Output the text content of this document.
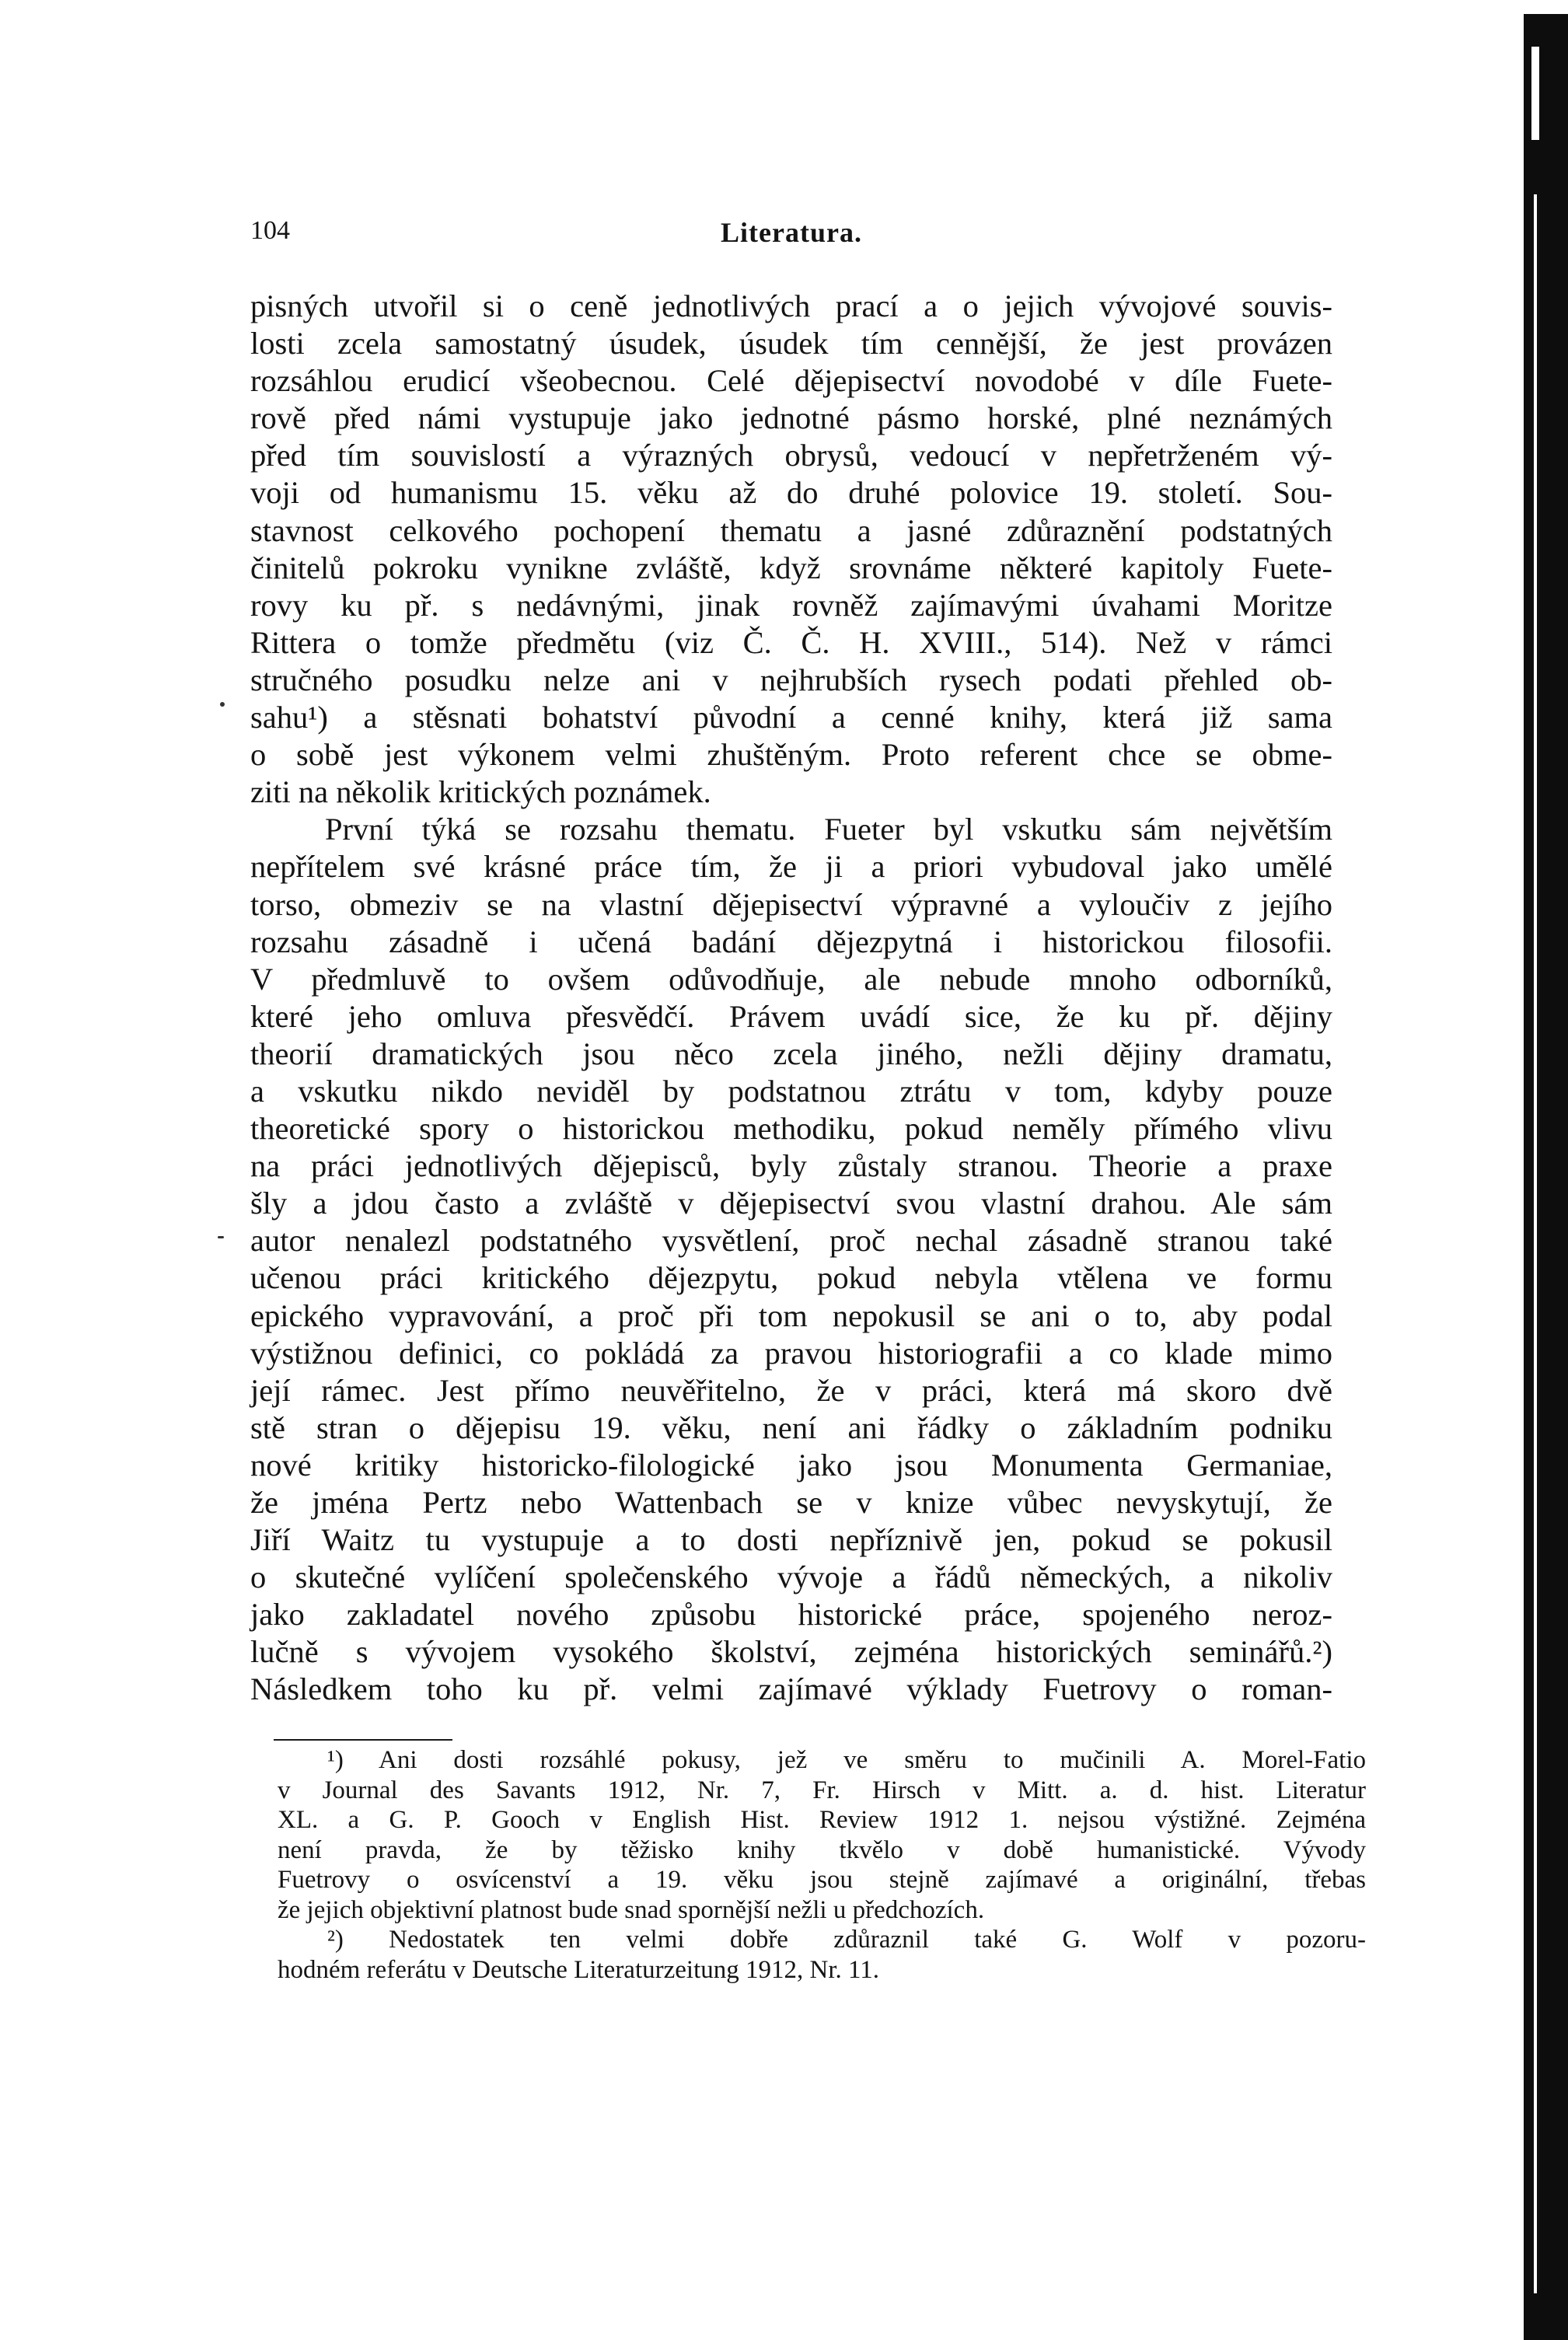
104	Literatura.
pisných utvořil si o ceně jednotlivých prací a o jejich vývojové souvis-
losti zcela samostatný úsudek, úsudek tím cennější, že jest provázen
rozsáhlou erudicí všeobecnou. Celé dějepisectví novodobé v díle Fuete-
rově před námi vystupuje jako jednotné pásmo horské, plné neznámých
před tím souvislostí a výrazných obrysů, vedoucí v nepřetrženém vý-
voji od humanismu 15. věku až do druhé polovice 19. století. Sou-
stavnost celkového pochopení thematu a jasné zdůraznění podstatných
činitelů pokroku vynikne zvláště, když srovnáme některé kapitoly Fuete-
rovy ku př. s nedávnými, jinak rovněž zajímavými úvahami Moritze
Rittera o tomže předmětu (viz Č. Č. H. XVIII., 514). Než v rámci
stručného posudku nelze ani v nejhrubších rysech podati přehled ob-
sahu¹) a stěsnati bohatství původní a cenné knihy, která již sama
o sobě jest výkonem velmi zhuštěným. Proto referent chce se obme-
ziti na několik kritických poznámek.
První týká se rozsahu thematu. Fueter byl vskutku sám největším
nepřítelem své krásné práce tím, že ji a priori vybudoval jako umělé
torso, obmeziv se na vlastní dějepisectví výpravné a vyloučiv z jejího
rozsahu zásadně i učená badání dějezpytná i historickou filosofii.
V předmluvě to ovšem odůvodňuje, ale nebude mnoho odborníků,
které jeho omluva přesvědčí. Právem uvádí sice, že ku př. dějiny
theorií dramatických jsou něco zcela jiného, nežli dějiny dramatu,
a vskutku nikdo neviděl by podstatnou ztrátu v tom, kdyby pouze
theoretické spory o historickou methodiku, pokud neměly přímého vlivu
na práci jednotlivých dějepisců, byly zůstaly stranou. Theorie a praxe
šly a jdou často a zvláště v dějepisectví svou vlastní drahou. Ale sám
autor nenalezl podstatného vysvětlení, proč nechal zásadně stranou také
učenou práci kritického dějezpytu, pokud nebyla vtělena ve formu
epického vypravování, a proč při tom nepokusil se ani o to, aby podal
výstižnou definici, co pokládá za pravou historiografii a co klade mimo
její rámec. Jest přímo neuvěřitelno, že v práci, která má skoro dvě
stě stran o dějepisu 19. věku, není ani řádky o základním podniku
nové kritiky historicko-filologické jako jsou Monumenta Germaniae,
že jména Pertz nebo Wattenbach se v knize vůbec nevyskytují, že
Jiří Waitz tu vystupuje a to dosti nepříznivě jen, pokud se pokusil
o skutečné vylíčení společenského vývoje a řádů německých, a nikoliv
jako zakladatel nového způsobu historické práce, spojeného neroz-
lučně s vývojem vysokého školství, zejména historických seminářů.²)
Následkem toho ku př. velmi zajímavé výklady Fuetrovy o roman-
¹) Ani dosti rozsáhlé pokusy, jež ve směru to mučinili A. Morel-Fatio
v Journal des Savants 1912, Nr. 7, Fr. Hirsch v Mitt. a. d. hist. Literatur
XL. a G. P. Gooch v English Hist. Review 1912 1. nejsou výstižné. Zejména
není pravda, že by těžisko knihy tkvělo v době humanistické. Vývody
Fuetrovy o osvícenství a 19. věku jsou stejně zajímavé a originální, třebas
že jejich objektivní platnost bude snad spornější nežli u předchozích.
²) Nedostatek ten velmi dobře zdůraznil také G. Wolf v pozoru-
hodném referátu v Deutsche Literaturzeitung 1912, Nr. 11.
